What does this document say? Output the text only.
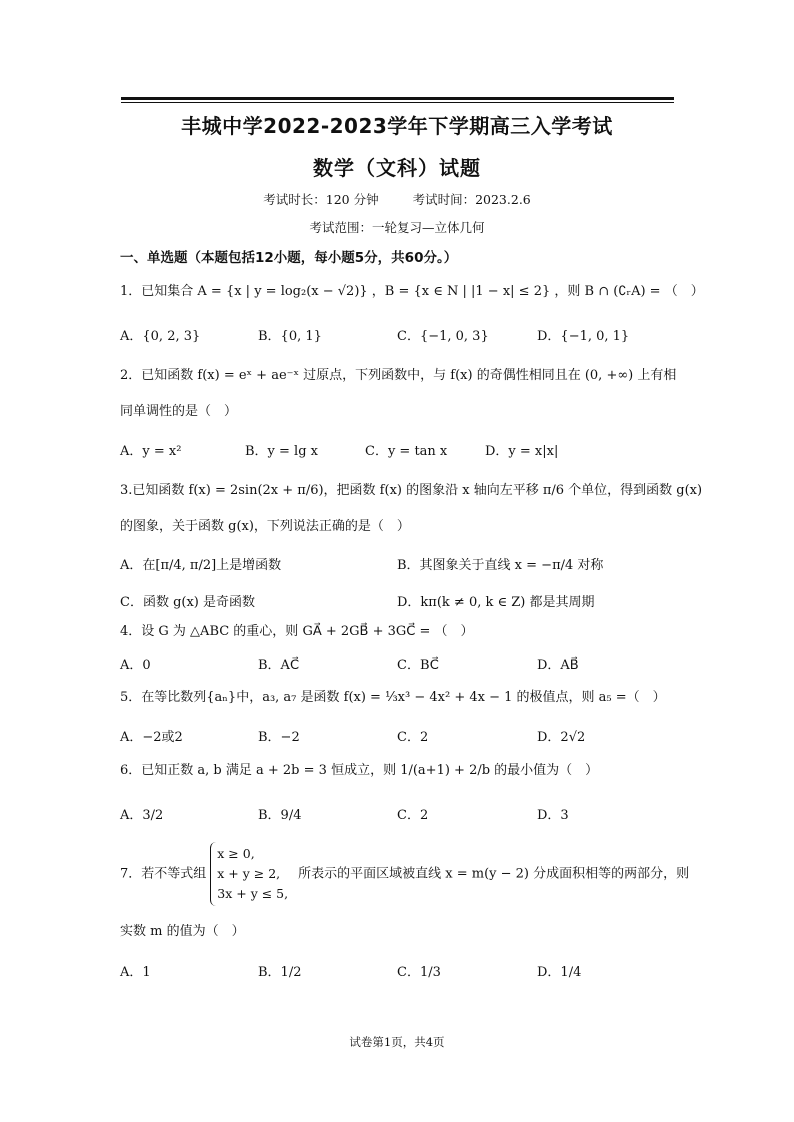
丰城中学2022-2023学年下学期高三入学考试
数学（文科）试题
考试时长：120 分钟	考试时间：2023.2.6
考试范围：一轮复习—立体几何
一、单选题（本题包括12小题，每小题5分，共60分。）
1．已知集合 A = {x | y = log₂(x − √2)} ，B = {x ∈ N | |1 − x| ≤ 2} ，则 B ∩ (∁ᵣA) = （　）
A．{0, 2, 3}	B．{0, 1}	C．{−1, 0, 3}	D．{−1, 0, 1}
2．已知函数 f(x) = eˣ + ae⁻ˣ 过原点，下列函数中，与 f(x) 的奇偶性相同且在 (0, +∞) 上有相
同单调性的是（　）
A．y = x²	B．y = lg x	C．y = tan x	D．y = x|x|
3.已知函数 f(x) = 2sin(2x + π/6)，把函数 f(x) 的图象沿 x 轴向左平移 π/6 个单位，得到函数 g(x)
的图象，关于函数 g(x)，下列说法正确的是（　）
A．在[π/4, π/2]上是增函数	B．其图象关于直线 x = −π/4 对称
C．函数 g(x) 是奇函数	D．kπ(k ≠ 0, k ∈ Z) 都是其周期
4．设 G 为 △ABC 的重心，则 GA⃗ + 2GB⃗ + 3GC⃗ = （　）
A．0	B．AC⃗	C．BC⃗	D．AB⃗
5．在等比数列{aₙ}中，a₃, a₇ 是函数 f(x) = ⅓x³ − 4x² + 4x − 1 的极值点，则 a₅ =（　）
A．−2或2	B．−2	C．2	D．2√2
6．已知正数 a, b 满足 a + 2b = 3 恒成立，则 1/(a+1) + 2/b 的最小值为（　）
A．3/2	B．9/4	C．2	D．3
7．若不等式组
x ≥ 0,
x + y ≥ 2,
3x + y ≤ 5,
所表示的平面区域被直线 x = m(y − 2) 分成面积相等的两部分，则
实数 m 的值为（　）
A．1	B．1/2	C．1/3	D．1/4
试卷第1页，共4页
